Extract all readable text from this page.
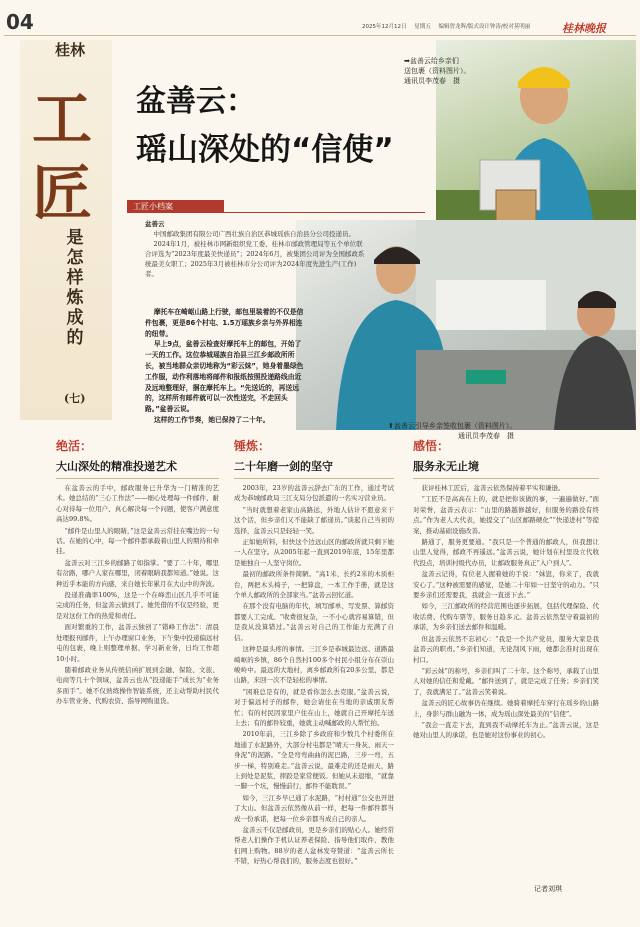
04	2025年12月12日 星期五 编辑曾龙晖/版式设计钟涛/校对莫明丽	桂林晚报
桂林
工
匠
是怎样炼成的
(七)
盆善云：
瑶山深处的“信使”
➡盆善云给乡亲们
送包裹（资料图片）。
通讯员李茂春　摄
⬆盆善云引导乡亲签收包裹（资料图片）。
通讯员李茂春　摄
工匠小档案
盆善云
中国邮政集团有限公司广西壮族自治区恭城瑶族自治县分公司投递员。
2024年1月，被桂林市网新组织党工委、桂林市邮政管理局等五个单位联合评选为“2023年度最美快递员”；2024年6月，被集团公司评为全国邮政系统最美女职工；2025年3月被桂林市分公司评为2024年度先进生产(工作)者。

摩托车在崎岖山路上行驶，邮包里装着的不仅是信件包裹，更是86个村屯、1.5万瑶族乡亲与外界相连的纽带。

早上9点，盆善云检查好摩托车上的邮包，开始了一天的工作。这位恭城瑶族自治县三江乡邮政所所长，被当地群众亲切地称为“彩云妹”，她身着墨绿色工作服，动作利落地将邮件和报纸按照投递路线由近及远地整理好，捆在摩托车上。“先送近的，再送远的，这样所有邮件就可以一次性送完，不走回头路。”盆善云说。

这样的工作节奏，她已保持了二十年。

绝活：
大山深处的精准投递艺术

在盆善云的手中，邮政服务已升华为一门精准的艺术。她总结的“三心工作法”——细心处理每一件邮件、耐心对待每一位用户、真心解决每一个问题，使客户满意度高达99.8%。

“邮件是山里人的眼睛，”这是盆善云常挂在嘴边的一句话。在她的心中，每一个邮件都承载着山里人的期待和牵挂。

盆善云对三江乡的邮路了如指掌。“要了二十年，哪里有岔路，哪户人家在哪里，闭着眼睛我都知道。”她说。这种近乎本能的方向感，来自她长年累月在大山中的奔波。

投递准确率100%，这是一个在峰峦山区几乎不可能完成的任务，但盆善云做到了。她凭借的不仅是经验，更是对这份工作的热爱和责任。

面对繁重的工作，盆善云独创了“错峰工作法”：清晨处理报刊邮件，上午办理窗口业务，下午集中投递偏远村屯的包裹，晚上则整理单据、学习新业务，日均工作超10小时。

随着邮政业务从传统信函扩展到金融、保险、文旅、电商等几十个领域，盆善云也从“投递能手”成长为“业务多面手”。她不仅熟练操作智能系统，还主动帮助村民代办车管业务、代购农资、指导网购退货。

锤炼：
二十年磨一剑的坚守

2003年，23岁的盆善云辞去广东的工作，通过考试成为恭城邮政局三江支局分包派遣的一名实习营业员。

“当时就想着老家山高路远，外地人估计不愿意来干这个活，但乡亲们又不能缺了邮递员。”谈起自己当初的选择，盆善云只是轻轻一笑。

正如她所料，但快这个边远山区的邮政所就只剩下她一人在坚守。从2005年起一直到2019年底，15年里都是她独自一人坚守岗位。

最初的邮政所条件简陋。“高1米、长约2米的木质柜台，两把木头椅子，一把算盘，一本工作手册，就是这个单人邮政所的全部家当。”盆善云回忆道。

在那个没有电脑的年代，填写邮单、写发票、算邮资都要人工完成。“收费很复杂，一不小心就容易算错，但是我从没算错过。”盆善云对自己的工作能力充满了自信。

这种是最头疼的事情。三江乡是恭城最边远、道路最崎岖的乡镇，86个自然村100多个村民小组分布在崇山峻岭中。最远的大地村，离乡邮政所有20多公里，都是山路，来回一次不是轻松的事情。

“困难总是有的，就是看你怎么去克服。”盆善云说，对于偏远村子的邮件，她会请住在当地的亲戚朋友帮忙；有的村民因家里户住在山上，她就自己开摩托车送上去；有的邮件较重，她就主动喊邮政的人帮忙抬。

2010年前，三江乡除了乡政府和少数几个村委所在地通了水泥路外，大部分村屯都是“晴天一身灰、雨天一身泥”的泥路。“全是弯弯曲曲的泥巴路，三步一弯，五步一梯，特别难走。”盆善云说，最难走的还是雨天，路上到处是泥浆，摔跤是家常便饭。但她从未退缩，“就靠一脚一个坑，慢慢前行，邮件不能耽误。”

如今，三江乡早已通了水泥路，“村村通”公交也开进了大山。但盆善云依然像从前一样，把每一件邮件都当成一份承诺，把每一位乡亲都当成自己的亲人。

盆善云不仅是邮政员，更是乡亲们的贴心人。她经常帮老人们操作手机认证养老保险、指导他们取件、教他们网上购物。88岁的老人盆林发夸赞道：“盆善云所长不错，好热心帮我们的，服务态度也很好。”

感悟：
服务永无止境

获评桂林工匠后，盆善云依然保持着平实和谦逊。

“工匠不是高高在上的，就是把你该做的事，一遍遍做好。”面对荣誉，盆善云表示：“山里的路越修越好，但服务的路没有终点。”作为老人大代表，她提交了“山区邮路硬化”“快递进村”等提案，推动基础设施改善。

路通了，服务更要通。“我只是一个普通的邮政人，但我想让山里人觉得，邮政不再遥远。”盆善云说，她计划在村里设立代收代投点，培训村级代办员，让邮政服务真正“入户到人”。

盆善云记得，有位老人握着她的手说：“妹崽，你来了，我就安心了。”这种被需要的感觉，是她二十年如一日坚守的动力。“只要乡亲们还需要我，我就会一直送下去。”

如今，三江邮政所的经营范围也逐步拓展，包括代理保险、代收话费、代购车票等，服务日趋多元。盆善云依然坚守着最初的承诺，为乡亲们送去邮件和温暖。

但盆善云依然不忘初心：“我是一个共产党员，服务大家是我盆善云的职责。”乡亲们知道，无论刮风下雨，她都会准时出现在村口。

“彩云妹”的称号，乡亲们叫了二十年。这个称号，承载了山里人对她的信任和爱戴。“邮件送到了，就是完成了任务；乡亲们笑了，我就满足了。”盆善云笑着说。

盆善云的匠心故事仍在继续。她骑着摩托车穿行在瑶乡的山路上，身影与群山融为一体，成为瑶山深处最美的“信使”。

“我会一直走下去，直到我不动摩托车为止。”盆善云说，这是她对山里人的承诺，也是她对这份事业的初心。

记者刘琪
